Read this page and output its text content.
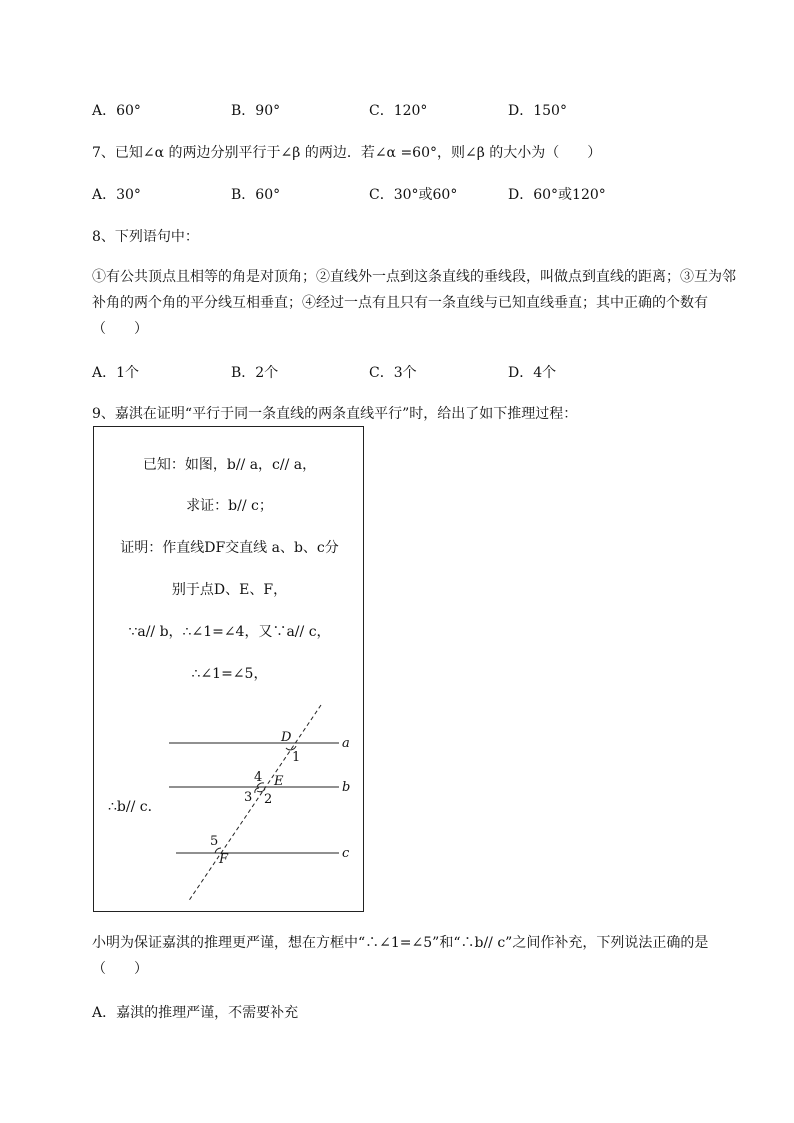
A．60°	B．90°	C．120°	D．150°
7、已知∠α 的两边分别平行于∠β 的两边．若∠α =60°，则∠β 的大小为（　　）
A．30°	B．60°	C．30°或60°	D．60°或120°
8、下列语句中：
①有公共顶点且相等的角是对顶角；②直线外一点到这条直线的垂线段，叫做点到直线的距离；③互为邻补角的两个角的平分线互相垂直；④经过一点有且只有一条直线与已知直线垂直；其中正确的个数有（　　）
A．1个	B．2个	C．3个	D．4个
9、嘉淇在证明“平行于同一条直线的两条直线平行”时，给出了如下推理过程：
已知：如图，b// a，c// a，
求证：b// c；
证明：作直线DF交直线 a、b、c分
别于点D、E、F，
∵a// b，∴∠1=∠4，又∵a// c，
∴∠1=∠5，
D
1
a
4 E	b
3 2
5
F	c
∴b// c．
小明为保证嘉淇的推理更严谨，想在方框中“∴∠1=∠5”和“∴b// c”之间作补充，下列说法正确的是（　　）
A．嘉淇的推理严谨，不需要补充
